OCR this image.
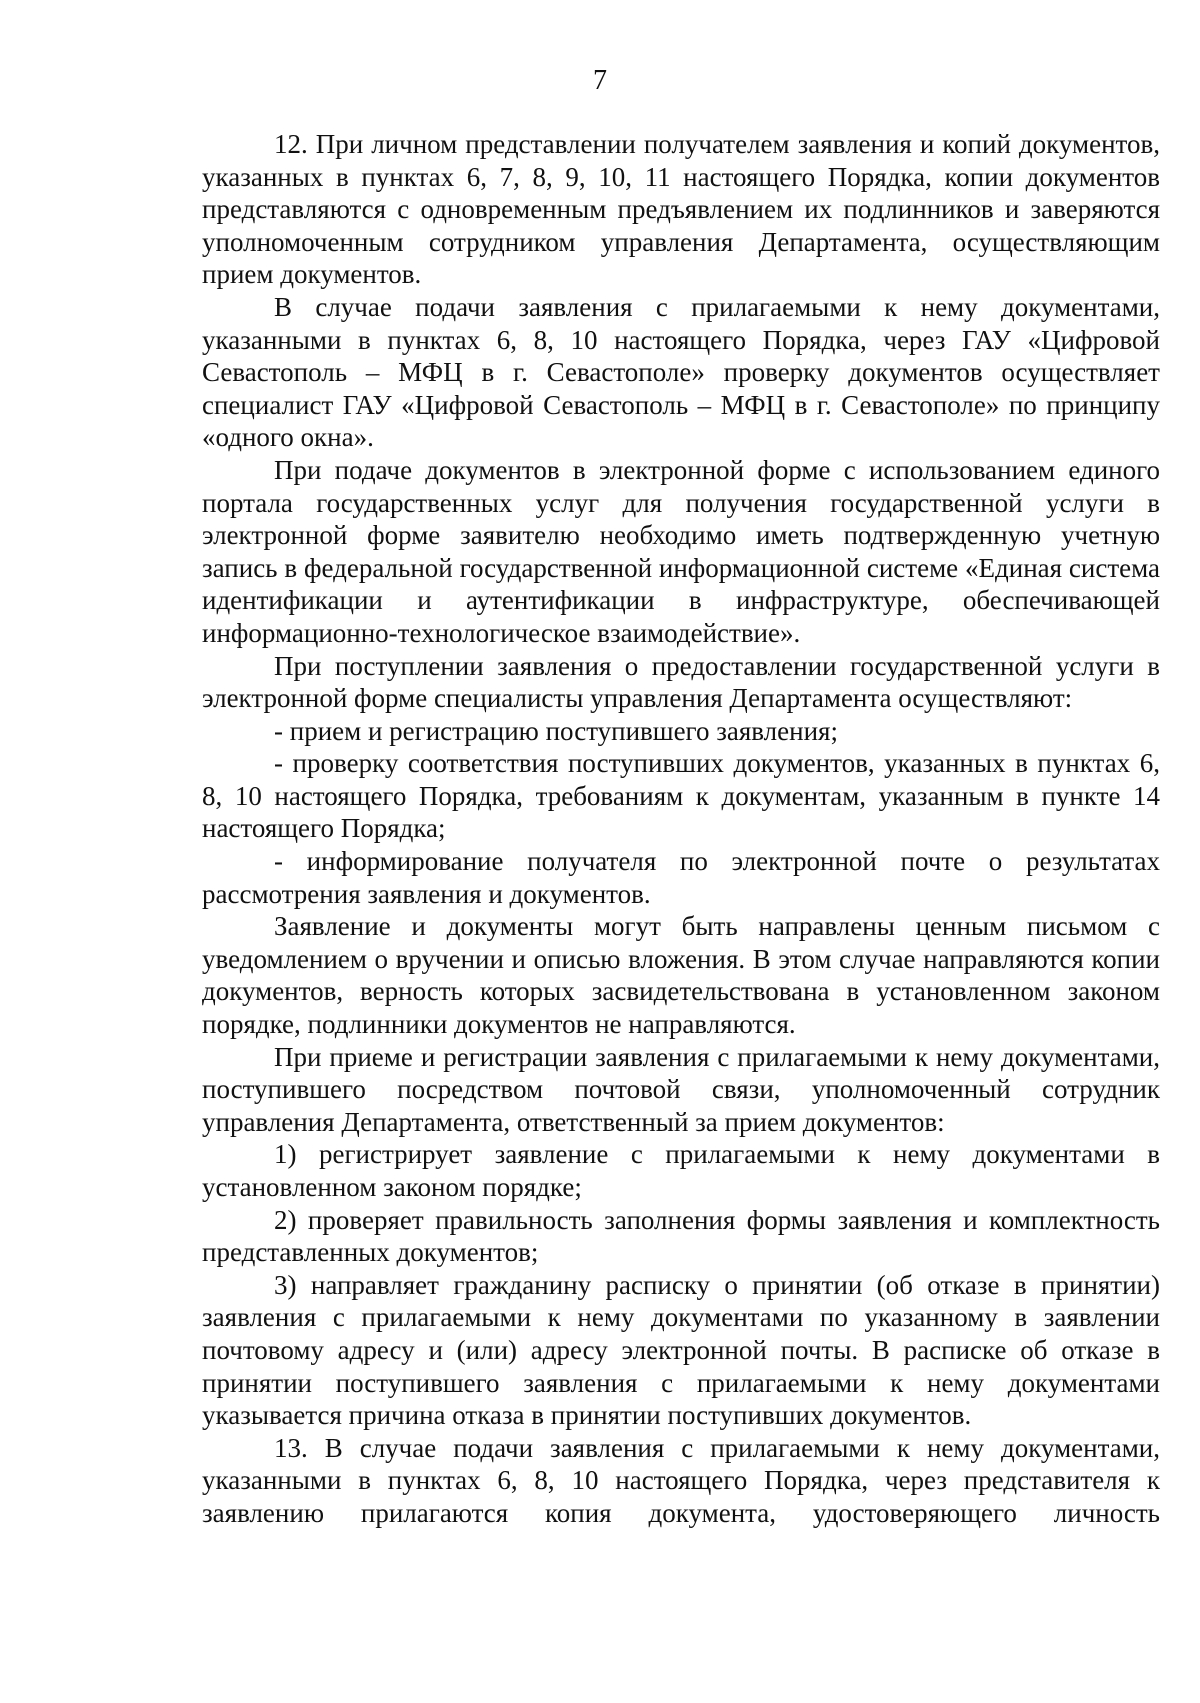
7

12. При личном представлении получателем заявления и копий документов, указанных в пунктах 6, 7, 8, 9, 10, 11 настоящего Порядка, копии документов представляются с одновременным предъявлением их подлинников и заверяются уполномоченным сотрудником управления Департамента, осуществляющим прием документов.

В случае подачи заявления с прилагаемыми к нему документами, указанными в пунктах 6, 8, 10 настоящего Порядка, через ГАУ «Цифровой Севастополь – МФЦ в г. Севастополе» проверку документов осуществляет специалист ГАУ «Цифровой Севастополь – МФЦ в г. Севастополе» по принципу «одного окна».

При подаче документов в электронной форме с использованием единого портала государственных услуг для получения государственной услуги в электронной форме заявителю необходимо иметь подтвержденную учетную запись в федеральной государственной информационной системе «Единая система идентификации и аутентификации в инфраструктуре, обеспечивающей информационно-технологическое взаимодействие».

При поступлении заявления о предоставлении государственной услуги в электронной форме специалисты управления Департамента осуществляют:

- прием и регистрацию поступившего заявления;

- проверку соответствия поступивших документов, указанных в пунктах 6, 8, 10 настоящего Порядка, требованиям к документам, указанным в пункте 14 настоящего Порядка;

- информирование получателя по электронной почте о результатах рассмотрения заявления и документов.

Заявление и документы могут быть направлены ценным письмом с уведомлением о вручении и описью вложения. В этом случае направляются копии документов, верность которых засвидетельствована в установленном законом порядке, подлинники документов не направляются.

При приеме и регистрации заявления с прилагаемыми к нему документами, поступившего посредством почтовой связи, уполномоченный сотрудник управления Департамента, ответственный за прием документов:

1) регистрирует заявление с прилагаемыми к нему документами в установленном законом порядке;

2) проверяет правильность заполнения формы заявления и комплектность представленных документов;

3) направляет гражданину расписку о принятии (об отказе в принятии) заявления с прилагаемыми к нему документами по указанному в заявлении почтовому адресу и (или) адресу электронной почты. В расписке об отказе в принятии поступившего заявления с прилагаемыми к нему документами указывается причина отказа в принятии поступивших документов.

13. В случае подачи заявления с прилагаемыми к нему документами, указанными в пунктах 6, 8, 10 настоящего Порядка, через представителя к заявлению прилагаются копия документа, удостоверяющего личность
